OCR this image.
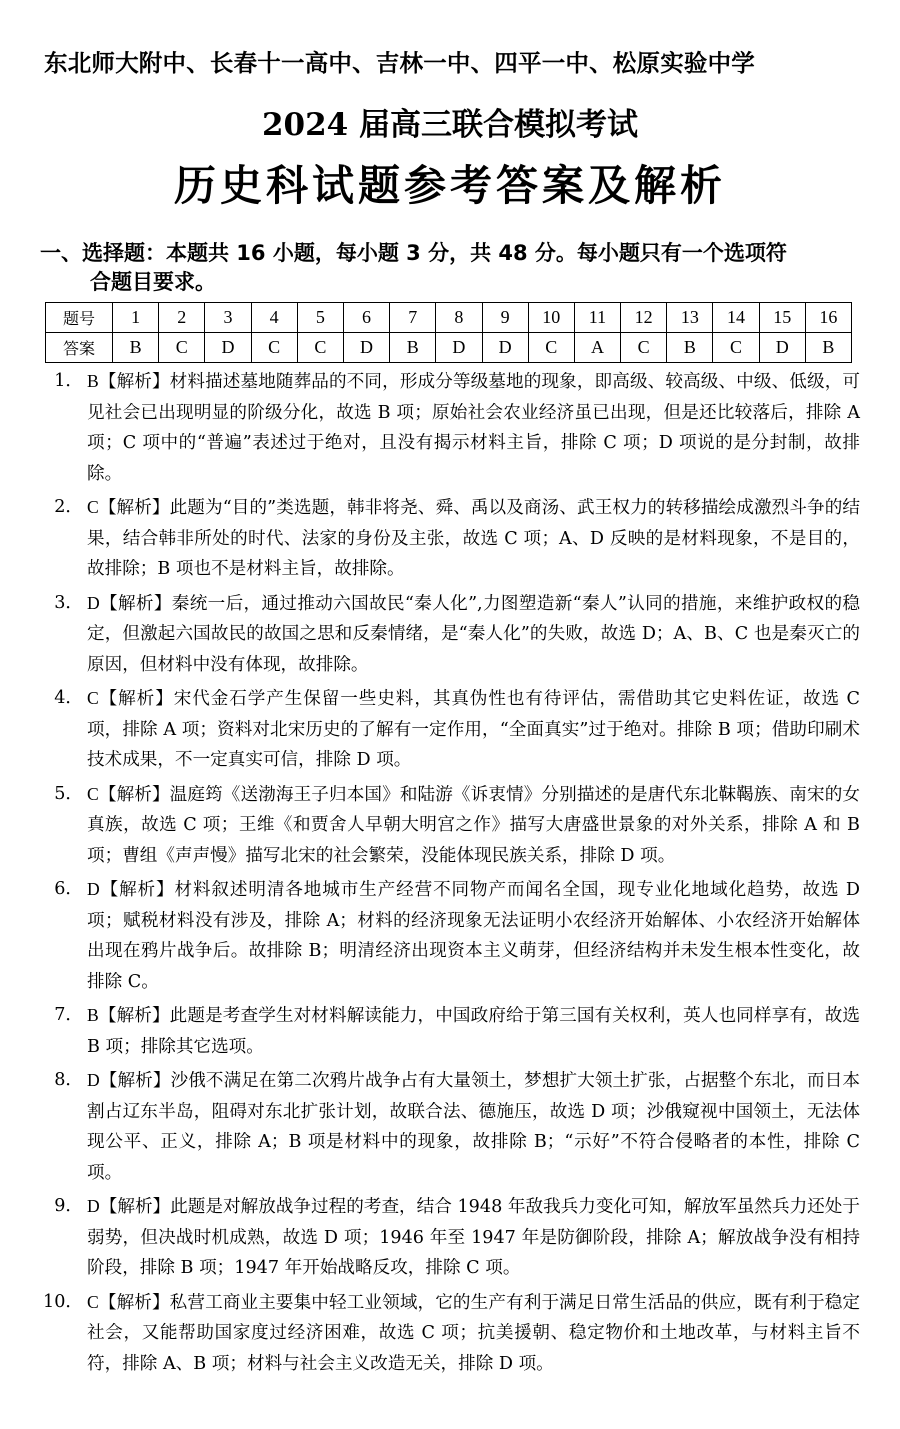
东北师大附中、长春十一高中、吉林一中、四平一中、松原实验中学
2024 届高三联合模拟考试
历史科试题参考答案及解析
一、选择题：本题共 16 小题，每小题 3 分，共 48 分。每小题只有一个选项符
合题目要求。
题号	1	2	3	4	5	6	7	8	9	10	11	12	13	14	15	16
答案	B	C	D	C	C	D	B	D	D	C	A	C	B	C	D	B
1． B【解析】材料描述墓地随葬品的不同，形成分等级墓地的现象，即高级、较高级、中级、低级，可见社会已出现明显的阶级分化，故选 B 项；原始社会农业经济虽已出现，但是还比较落后，排除 A 项；C 项中的“普遍”表述过于绝对，且没有揭示材料主旨，排除 C 项；D 项说的是分封制，故排除。
2． C【解析】此题为“目的”类选题，韩非将尧、舜、禹以及商汤、武王权力的转移描绘成激烈斗争的结果，结合韩非所处的时代、法家的身份及主张，故选 C 项；A、D 反映的是材料现象，不是目的，故排除；B 项也不是材料主旨，故排除。
3． D【解析】秦统一后，通过推动六国故民“秦人化”,力图塑造新“秦人”认同的措施，来维护政权的稳定，但激起六国故民的故国之思和反秦情绪，是“秦人化”的失败，故选 D；A、B、C 也是秦灭亡的原因，但材料中没有体现，故排除。
4． C【解析】宋代金石学产生保留一些史料，其真伪性也有待评估，需借助其它史料佐证，故选 C 项，排除 A 项；资料对北宋历史的了解有一定作用，“全面真实”过于绝对。排除 B 项；借助印刷术技术成果，不一定真实可信，排除 D 项。
5． C【解析】温庭筠《送渤海王子归本国》和陆游《诉衷情》分别描述的是唐代东北靺鞨族、南宋的女真族，故选 C 项；王维《和贾舍人早朝大明宫之作》描写大唐盛世景象的对外关系，排除 A 和 B 项；曹组《声声慢》描写北宋的社会繁荣，没能体现民族关系，排除 D 项。
6． D【解析】材料叙述明清各地城市生产经营不同物产而闻名全国，现专业化地域化趋势，故选 D 项；赋税材料没有涉及，排除 A；材料的经济现象无法证明小农经济开始解体、小农经济开始解体出现在鸦片战争后。故排除 B；明清经济出现资本主义萌芽，但经济结构并未发生根本性变化，故排除 C。
7． B【解析】此题是考查学生对材料解读能力，中国政府给于第三国有关权利，英人也同样享有，故选 B 项；排除其它选项。
8． D【解析】沙俄不满足在第二次鸦片战争占有大量领土，梦想扩大领土扩张，占据整个东北，而日本割占辽东半岛，阻碍对东北扩张计划，故联合法、德施压，故选 D 项；沙俄窥视中国领土，无法体现公平、正义，排除 A；B 项是材料中的现象，故排除 B；“示好”不符合侵略者的本性，排除 C 项。
9． D【解析】此题是对解放战争过程的考查，结合 1948 年敌我兵力变化可知，解放军虽然兵力还处于弱势，但决战时机成熟，故选 D 项；1946 年至 1947 年是防御阶段，排除 A；解放战争没有相持阶段，排除 B 项；1947 年开始战略反攻，排除 C 项。
10． C【解析】私营工商业主要集中轻工业领域，它的生产有利于满足日常生活品的供应，既有利于稳定社会，又能帮助国家度过经济困难，故选 C 项；抗美援朝、稳定物价和土地改革，与材料主旨不符，排除 A、B 项；材料与社会主义改造无关，排除 D 项。
